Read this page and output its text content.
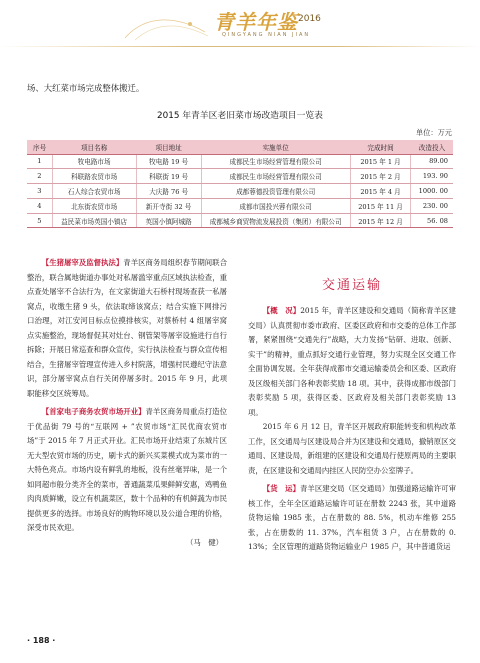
青羊年鉴 2016
QINGYANG NIAN JIAN
场、大红菜市场完成整体搬迁。
2015 年青羊区老旧菜市场改造项目一览表
单位：万元
序号	项目名称	项目地址	实施单位	完成时间	改造投入
1	牧电路市场	牧电路 19 号	成都民生市场经营管理有限公司	2015 年 1 月	89.00
2	科联路农贸市场	科联街 19 号	成都民生市场经营管理有限公司	2015 年 2 月	193. 90
3	石人综合农贸市场	大庆路 76 号	成都蓉德投资管理有限公司	2015 年 4 月	1000. 00
4	北东街农贸市场	新开寺街 32 号	成都市国投兴蓉有限公司	2015 年 11 月	230. 00
5	益民菜市场英国小镇店	英国小镇阿城路	成都城乡商贸物流发展投资（集团）有限公司	2015 年 12 月	56. 08

【生猪屠宰及监督执法】青羊区商务局组织春节期间联合整治，联合属地街道办事处对私屠滥宰重点区域执法检查，重点查处屠宰不合法行为，在文家街道大石桥村现场查获一私屠窝点，收缴生猪 9 头，依法取缔该窝点；结合实施下网排污口治理，对江安河目标点位摸排核实，对蔡桥村 4 组屠宰窝点实施整治，现场督促其对灶台、钢管架等屠宰设施进行自行拆除；开展日常巡查和群众宣传，实行执法检查与群众宣传相结合，生猪屠宰管理宣传进入乡村院落，增强村民遵纪守法意识，部分屠宰窝点自行关闭停屠多时。2015 年 9 月，此项职能移交区统筹局。

【首家电子商务农贸市场开业】青羊区商务局重点打造位于优品街 79 号的“互联网 + ”农贸市场“汇民优商农贸市场”于 2015 年 7 月正式开业。汇民市场开业结束了东城片区无大型农贸市场的历史，刷卡式的新兴买菜模式成为菜市的一大特色亮点。市场内设有鲜乳的地板，没有丝毫异味，是一个如同超市般分类齐全的菜市，普通蔬菜瓜果鲜鲜安惠，鸡鸭鱼肉肉质鲜嫩，设立有机蔬菜区，数十个品种的有机鲜蔬为市民提供更多的选择。市场良好的购物环境以及公道合理的价格，深受市民欢迎。

（马　健）
交通运输

【概　况】2015 年，青羊区建设和交通局（简称青羊区建交局）认真贯彻市委市政府、区委区政府和市交委的总体工作部署，紧紧围绕“交通先行”战略，大力发扬“钻研、进取、创新、实干”的精神，重点抓好交通行业管理，努力实现全区交通工作全面协调发展。全年获得成都市交通运输委员会和区委、区政府及区级相关部门各种表彰奖励 18 项。其中，获得成都市级部门表彰奖励 5 项，获得区委、区政府及相关部门表彰奖励 13 项。

2015 年 6 月 12 日，青羊区开展政府职能转变和机构改革工作，区交通局与区建设局合并为区建设和交通局，撤销原区交通局、区建设局，新组建的区建设和交通局行使原两局的主要职责，在区建设和交通局内挂区人民防空办公室牌子。

【货　运】青羊区建交局（区交通局）加强道路运输许可审核工作，全年全区道路运输许可证在册数 2243 张，其中道路货物运输 1985 张，占在册数的 88. 5%，机动车维修 255 张，占在册数的 11. 37%，汽车租赁 3 户，占在册数的 0. 13%；全区管理的道路货物运输业户 1985 户，其中普通货运

· 188 ·
